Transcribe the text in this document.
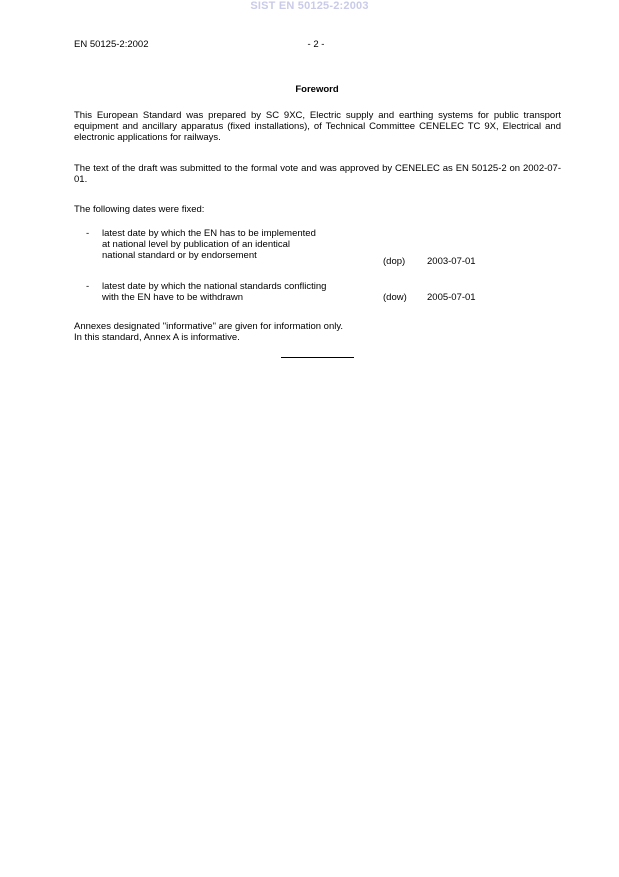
SIST EN 50125-2:2003
EN 50125-2:2002	- 2 -
Foreword
This European Standard was prepared by SC 9XC, Electric supply and earthing systems for public transport equipment and ancillary apparatus (fixed installations), of Technical Committee CENELEC TC 9X, Electrical and electronic applications for railways.
The text of the draft was submitted to the formal vote and was approved by CENELEC as EN 50125-2 on 2002-07-01.
The following dates were fixed:
- latest date by which the EN has to be implemented
at national level by publication of an identical
national standard or by endorsement
(dop) 2003-07-01
- latest date by which the national standards conflicting
with the EN have to be withdrawn	(dow) 2005-07-01
Annexes designated "informative" are given for information only.
In this standard, Annex A is informative.
